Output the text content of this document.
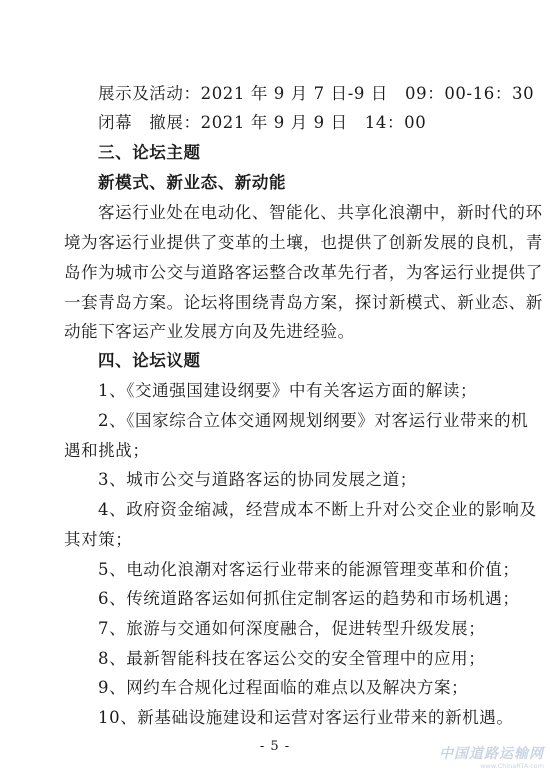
展示及活动：2021 年 9 月 7 日-9 日　09：00-16：30
闭幕　撤展：2021 年 9 月 9 日　14：00
三、论坛主题
新模式、新业态、新动能
客运行业处在电动化、智能化、共享化浪潮中，新时代的环
境为客运行业提供了变革的土壤，也提供了创新发展的良机，青
岛作为城市公交与道路客运整合改革先行者，为客运行业提供了
一套青岛方案。论坛将围绕青岛方案，探讨新模式、新业态、新
动能下客运产业发展方向及先进经验。
四、论坛议题
1、《交通强国建设纲要》中有关客运方面的解读；
2、《国家综合立体交通网规划纲要》对客运行业带来的机
遇和挑战；
3、城市公交与道路客运的协同发展之道；
4、政府资金缩减，经营成本不断上升对公交企业的影响及
其对策；
5、电动化浪潮对客运行业带来的能源管理变革和价值；
6、传统道路客运如何抓住定制客运的趋势和市场机遇；
7、旅游与交通如何深度融合，促进转型升级发展；
8、最新智能科技在客运公交的安全管理中的应用；
9、网约车合规化过程面临的难点以及解决方案；
10、新基础设施建设和运营对客运行业带来的新机遇。
- 5 -	中国道路运输网
www.ChinaRTA.com
